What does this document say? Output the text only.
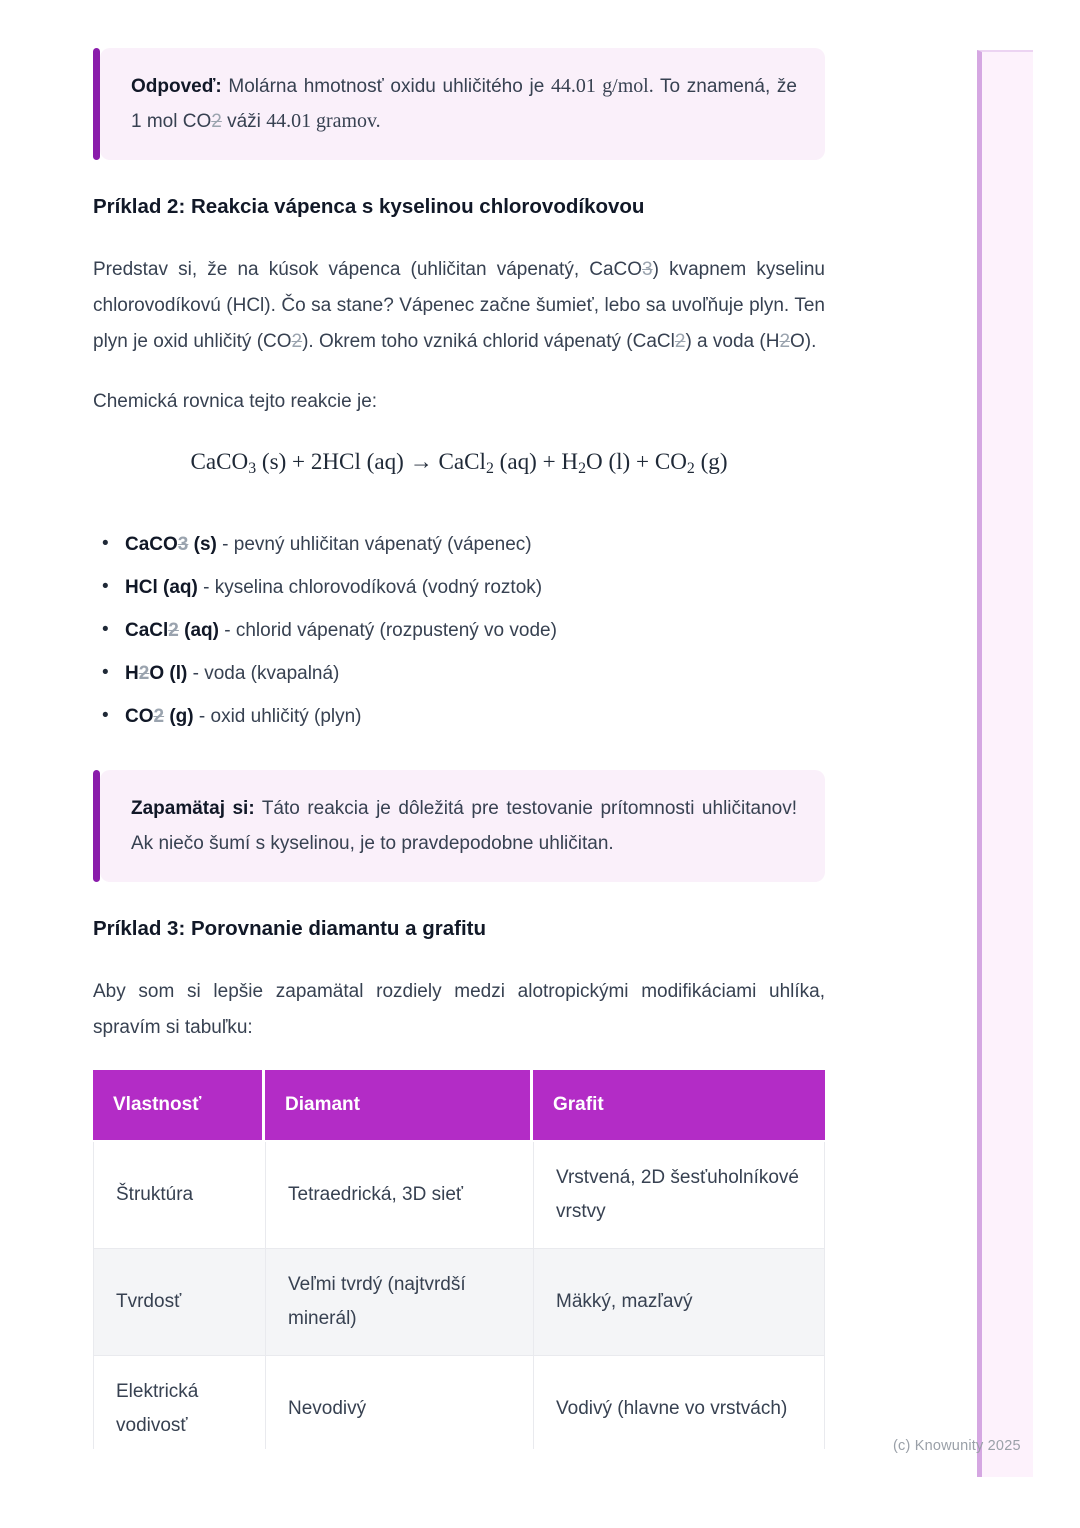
Odpoveď: Molárna hmotnosť oxidu uhličitého je 44.01 g/mol. To znamená, že 1 mol CO2 váži 44.01 gramov.

Príklad 2: Reakcia vápenca s kyselinou chlorovodíkovou

Predstav si, že na kúsok vápenca (uhličitan vápenatý, CaCO3) kvapnem kyselinu chlorovodíkovú (HCl). Čo sa stane? Vápenec začne šumieť, lebo sa uvoľňuje plyn. Ten plyn je oxid uhličitý (CO2). Okrem toho vzniká chlorid vápenatý (CaCl2) a voda (H2O).

Chemická rovnica tejto reakcie je:

CaCO3 (s) + 2HCl (aq) → CaCl2 (aq) + H2O (l) + CO2 (g)
• CaCO3 (s) - pevný uhličitan vápenatý (vápenec)
• HCl (aq) - kyselina chlorovodíková (vodný roztok)
• CaCl2 (aq) - chlorid vápenatý (rozpustený vo vode)
• H2O (l) - voda (kvapalná)
• CO2 (g) - oxid uhličitý (plyn)

Zapamätaj si: Táto reakcia je dôležitá pre testovanie prítomnosti uhličitanov! Ak niečo šumí s kyselinou, je to pravdepodobne uhličitan.

Príklad 3: Porovnanie diamantu a grafitu

Aby som si lepšie zapamätal rozdiely medzi alotropickými modifikáciami uhlíka, spravím si tabuľku:

Vlastnosť	Diamant	Grafit
Štruktúra	Tetraedrická, 3D sieť	Vrstvená, 2D šesťuholníkové vrstvy
Tvrdosť	Veľmi tvrdý (najtvrdší minerál)	Mäkký, mazľavý
Elektrická vodivosť	Nevodivý	Vodivý (hlavne vo vrstvách)
(c) Knowunity 2025
